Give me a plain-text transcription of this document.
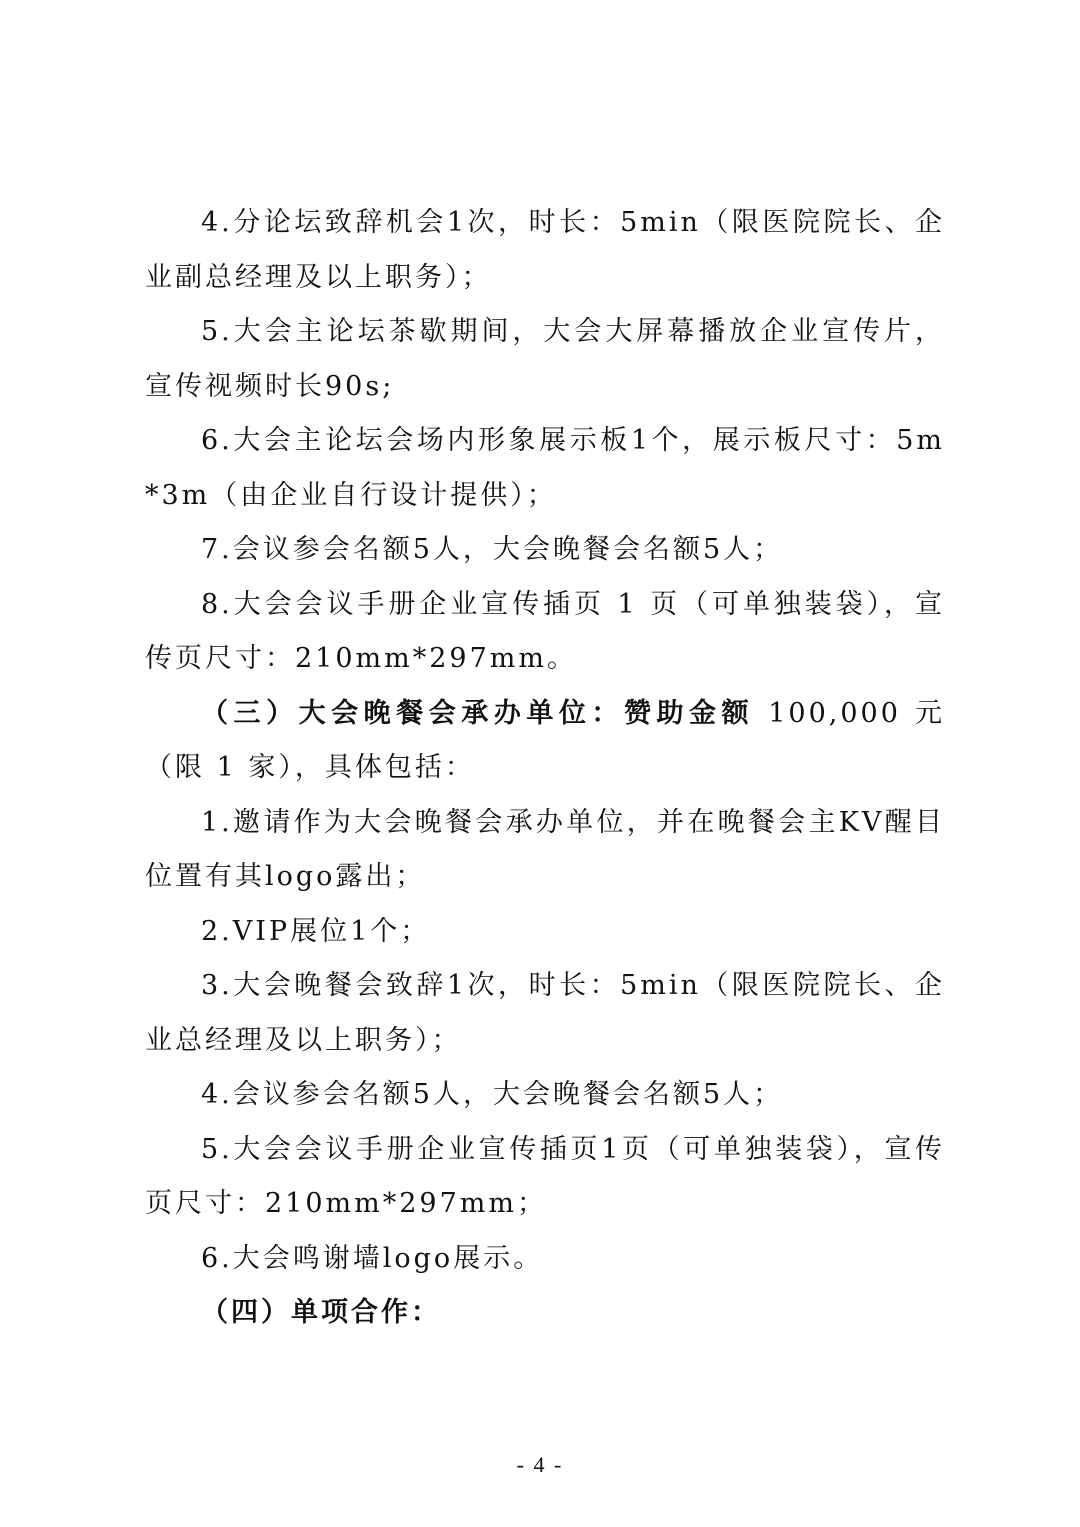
4.分论坛致辞机会1次，时长：5min（限医院院长、企业副总经理及以上职务）；

5.大会主论坛茶歇期间，大会大屏幕播放企业宣传片，宣传视频时长90s;

6.大会主论坛会场内形象展示板1个，展示板尺寸：5m*3m（由企业自行设计提供）；

7.会议参会名额5人，大会晚餐会名额5人；

8.大会会议手册企业宣传插页 1 页（可单独装袋），宣传页尺寸：210mm*297mm。

（三）大会晚餐会承办单位：赞助金额 100,000 元（限 1 家），具体包括：

1.邀请作为大会晚餐会承办单位，并在晚餐会主KV醒目位置有其logo露出；

2.VIP展位1个；

3.大会晚餐会致辞1次，时长：5min（限医院院长、企业总经理及以上职务）；

4.会议参会名额5人，大会晚餐会名额5人；

5.大会会议手册企业宣传插页1页（可单独装袋），宣传页尺寸：210mm*297mm；

6.大会鸣谢墙logo展示。

（四）单项合作：

- 4 -
